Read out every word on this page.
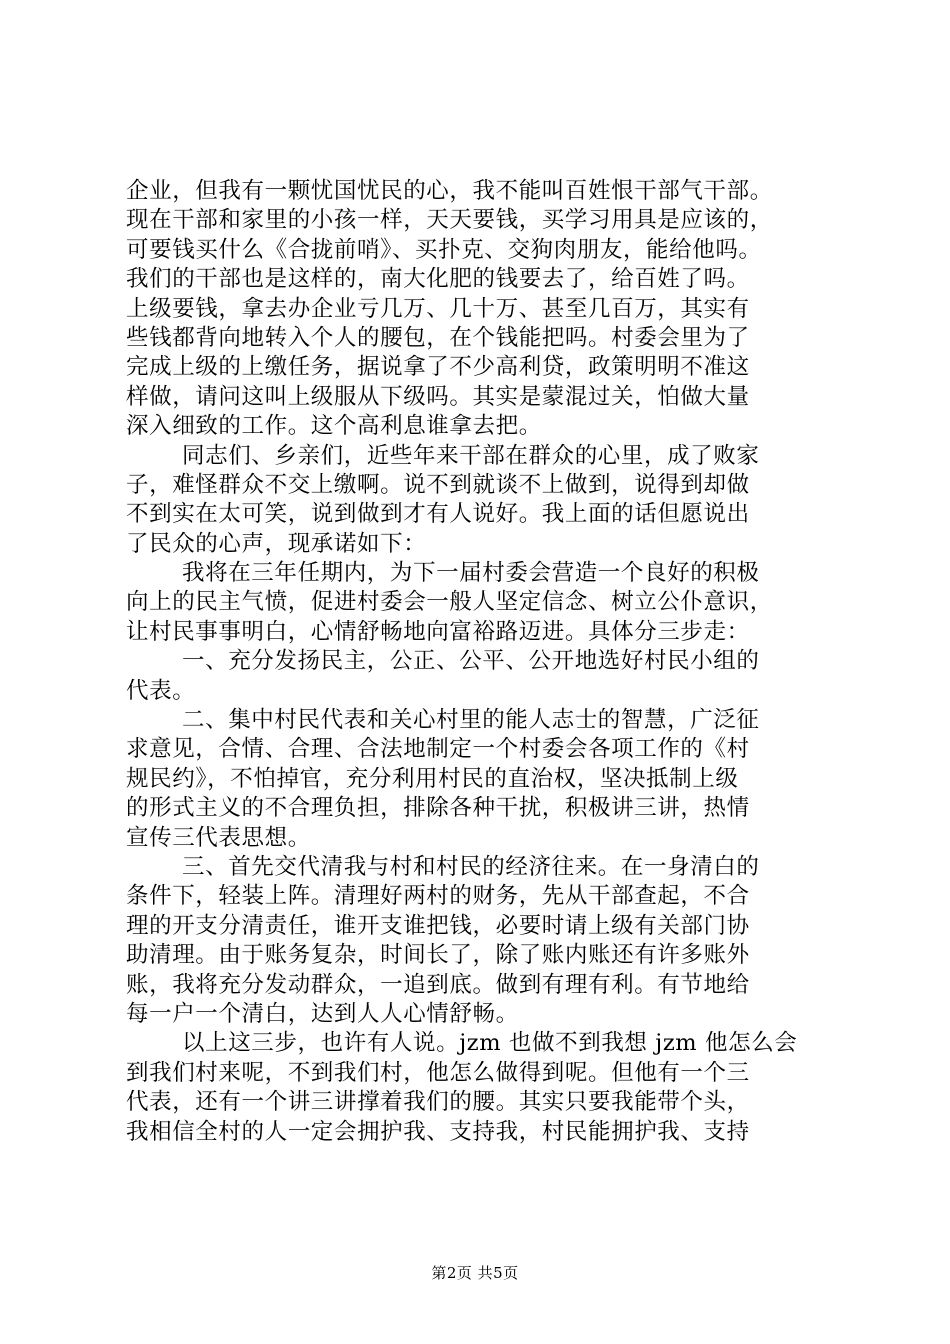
企业，但我有一颗忧国忧民的心，我不能叫百姓恨干部气干部。
现在干部和家里的小孩一样，天天要钱，买学习用具是应该的，
可要钱买什么《合拢前哨》、买扑克、交狗肉朋友，能给他吗。
我们的干部也是这样的，南大化肥的钱要去了，给百姓了吗。
上级要钱，拿去办企业亏几万、几十万、甚至几百万，其实有
些钱都背向地转入个人的腰包，在个钱能把吗。村委会里为了
完成上级的上缴任务，据说拿了不少高利贷，政策明明不准这
样做，请问这叫上级服从下级吗。其实是蒙混过关，怕做大量
深入细致的工作。这个高利息谁拿去把。
同志们、乡亲们，近些年来干部在群众的心里，成了败家
子，难怪群众不交上缴啊。说不到就谈不上做到，说得到却做
不到实在太可笑，说到做到才有人说好。我上面的话但愿说出
了民众的心声，现承诺如下：
我将在三年任期内，为下一届村委会营造一个良好的积极
向上的民主气愤，促进村委会一般人坚定信念、树立公仆意识，
让村民事事明白，心情舒畅地向富裕路迈进。具体分三步走：
一、充分发扬民主，公正、公平、公开地选好村民小组的
代表。
二、集中村民代表和关心村里的能人志士的智慧，广泛征
求意见，合情、合理、合法地制定一个村委会各项工作的《村
规民约》，不怕掉官，充分利用村民的直治权，坚决抵制上级
的形式主义的不合理负担，排除各种干扰，积极讲三讲，热情
宣传三代表思想。
三、首先交代清我与村和村民的经济往来。在一身清白的
条件下，轻装上阵。清理好两村的财务，先从干部查起，不合
理的开支分清责任，谁开支谁把钱，必要时请上级有关部门协
助清理。由于账务复杂，时间长了，除了账内账还有许多账外
账，我将充分发动群众，一追到底。做到有理有利。有节地给
每一户一个清白，达到人人心情舒畅。
以上这三步，也许有人说。jzm 也做不到我想 jzm 他怎么会
到我们村来呢，不到我们村，他怎么做得到呢。但他有一个三
代表，还有一个讲三讲撑着我们的腰。其实只要我能带个头，
我相信全村的人一定会拥护我、支持我，村民能拥护我、支持
第2页 共5页
